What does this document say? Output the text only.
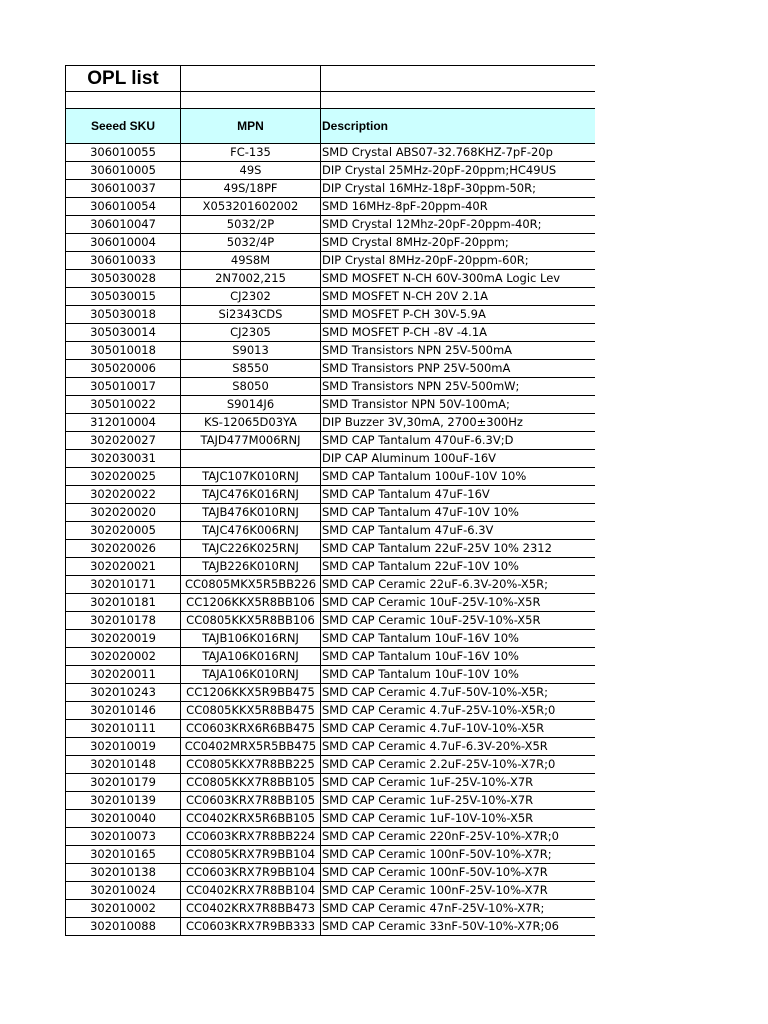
OPL list		

Seeed SKU	MPN	Description
306010055	FC-135	SMD Crystal ABS07-32.768KHZ-7pF-20p
306010005	49S	DIP Crystal 25MHz-20pF-20ppm;HC49US
306010037	49S/18PF	DIP Crystal 16MHz-18pF-30ppm-50R;
306010054	X053201602002	SMD 16MHz-8pF-20ppm-40R
306010047	5032/2P	SMD Crystal 12Mhz-20pF-20ppm-40R;
306010004	5032/4P	SMD Crystal 8MHz-20pF-20ppm;
306010033	49S8M	DIP Crystal 8MHz-20pF-20ppm-60R;
305030028	2N7002,215	SMD MOSFET N-CH 60V-300mA Logic Lev
305030015	CJ2302	SMD MOSFET N-CH 20V 2.1A
305030018	Si2343CDS	SMD MOSFET P-CH 30V-5.9A
305030014	CJ2305	SMD MOSFET P-CH -8V -4.1A
305010018	S9013	SMD Transistors NPN 25V-500mA
305020006	S8550	SMD Transistors PNP 25V-500mA
305010017	S8050	SMD Transistors NPN 25V-500mW;
305010022	S9014J6	SMD Transistor NPN 50V-100mA;
312010004	KS-12065D03YA	DIP Buzzer 3V,30mA, 2700±300Hz
302020027	TAJD477M006RNJ	SMD CAP Tantalum 470uF-6.3V;D
302030031		DIP CAP Aluminum 100uF-16V
302020025	TAJC107K010RNJ	SMD CAP Tantalum 100uF-10V 10%
302020022	TAJC476K016RNJ	SMD CAP Tantalum 47uF-16V
302020020	TAJB476K010RNJ	SMD CAP Tantalum 47uF-10V 10%
302020005	TAJC476K006RNJ	SMD CAP Tantalum 47uF-6.3V
302020026	TAJC226K025RNJ	SMD CAP Tantalum 22uF-25V 10% 2312
302020021	TAJB226K010RNJ	SMD CAP Tantalum 22uF-10V 10%
302010171	CC0805MKX5R5BB226	SMD CAP Ceramic 22uF-6.3V-20%-X5R;
302010181	CC1206KKX5R8BB106	SMD CAP Ceramic 10uF-25V-10%-X5R
302010178	CC0805KKX5R8BB106	SMD CAP Ceramic 10uF-25V-10%-X5R
302020019	TAJB106K016RNJ	SMD CAP Tantalum 10uF-16V 10%
302020002	TAJA106K016RNJ	SMD CAP Tantalum 10uF-16V 10%
302020011	TAJA106K010RNJ	SMD CAP Tantalum 10uF-10V 10%
302010243	CC1206KKX5R9BB475	SMD CAP Ceramic 4.7uF-50V-10%-X5R;
302010146	CC0805KKX5R8BB475	SMD CAP Ceramic 4.7uF-25V-10%-X5R;0
302010111	CC0603KRX6R6BB475	SMD CAP Ceramic 4.7uF-10V-10%-X5R
302010019	CC0402MRX5R5BB475	SMD CAP Ceramic 4.7uF-6.3V-20%-X5R
302010148	CC0805KKX7R8BB225	SMD CAP Ceramic 2.2uF-25V-10%-X7R;0
302010179	CC0805KKX7R8BB105	SMD CAP Ceramic 1uF-25V-10%-X7R
302010139	CC0603KRX7R8BB105	SMD CAP Ceramic 1uF-25V-10%-X7R
302010040	CC0402KRX5R6BB105	SMD CAP Ceramic 1uF-10V-10%-X5R
302010073	CC0603KRX7R8BB224	SMD CAP Ceramic 220nF-25V-10%-X7R;0
302010165	CC0805KRX7R9BB104	SMD CAP Ceramic 100nF-50V-10%-X7R;
302010138	CC0603KRX7R9BB104	SMD CAP Ceramic 100nF-50V-10%-X7R
302010024	CC0402KRX7R8BB104	SMD CAP Ceramic 100nF-25V-10%-X7R
302010002	CC0402KRX7R8BB473	SMD CAP Ceramic 47nF-25V-10%-X7R;
302010088	CC0603KRX7R9BB333	SMD CAP Ceramic 33nF-50V-10%-X7R;06
